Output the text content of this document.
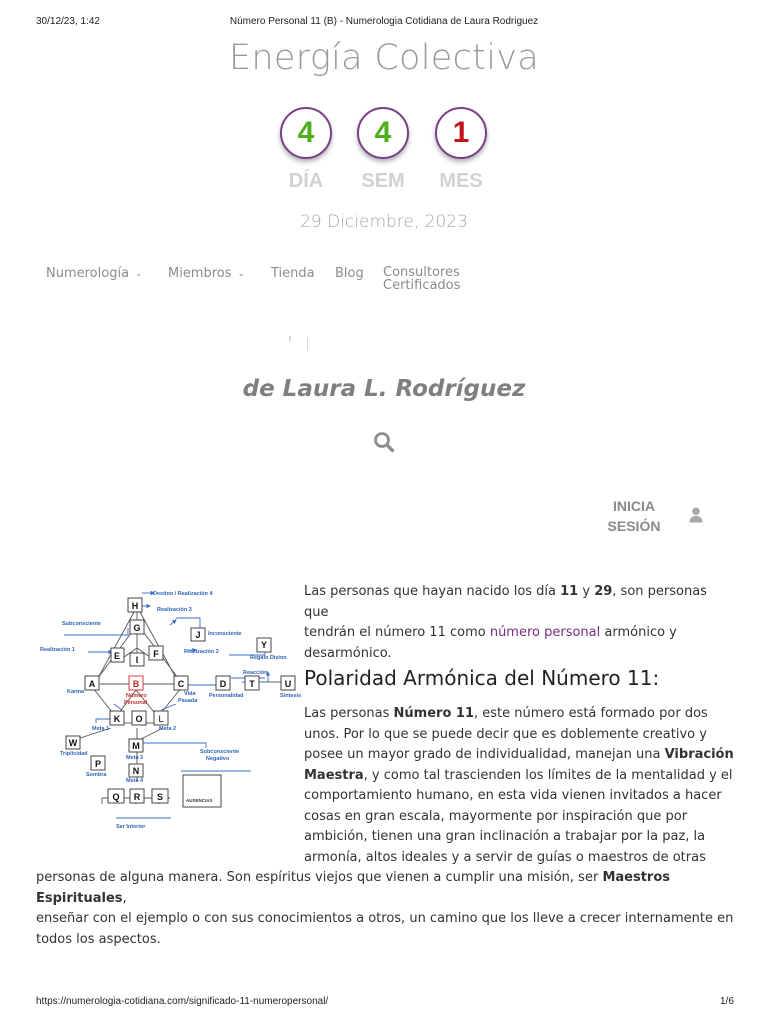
30/12/23, 1:42	Número Personal 11 (B) - Numerologia Cotidiana de Laura Rodriguez
Energía Colectiva
4	4	1
DÍA	SEM	MES
29 Diciembre, 2023
Numerología ⌄ Miembros ⌄ Tienda Blog Consultores
Certificados
de Laura L. Rodríguez
INICIA
SESIÓN
H
G
J
E I
F
Y
A	B	C	D	T	U
K O L
W	M
P
N
Q R S
Destino / Realización 4
Realización 3
Subconsciente
Inconsciente
Realización 1	Realización 2
Regalo Divino
Reacción
Karma
Número
Personal
Vida
Pasada
Personalidad	Síntesis
Meta 1	Meta 2
Triplicidad
Meta 3
Subconsciente
Negativo
Sombra
Meta 4
AUSENCIAS
Ser Interior
Las personas que hayan nacido los día 11 y 29, son personas que
tendrán el número 11 como número personal armónico y
desarmónico.
Polaridad Armónica del Número 11:
Las personas Número 11, este número está formado por dos
unos. Por lo que se puede decir que es doblemente creativo y
posee un mayor grado de individualidad, manejan una Vibración
Maestra, y como tal trascienden los límites de la mentalidad y el
comportamiento humano, en esta vida vienen invitados a hacer
cosas en gran escala, mayormente por inspiración que por
ambición, tienen una gran inclinación a trabajar por la paz, la
armonía, altos ideales y a servir de guías o maestros de otras
personas de alguna manera. Son espíritus viejos que vienen a cumplir una misión, ser Maestros Espirituales,
enseñar con el ejemplo o con sus conocimientos a otros, un camino que los lleve a crecer internamente en
todos los aspectos.
https://numerologia-cotidiana.com/significado-11-numeropersonal/	1/6
